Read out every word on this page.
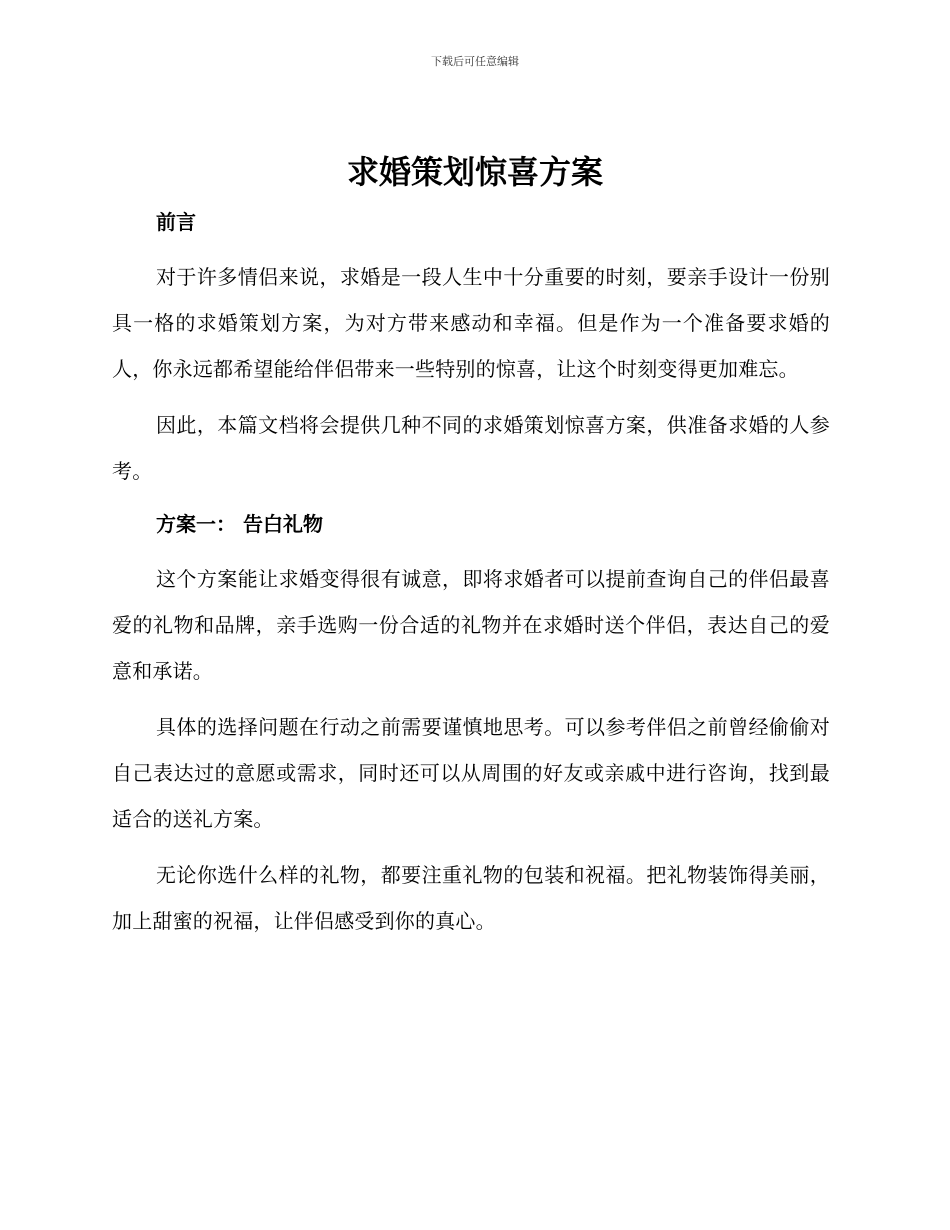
下载后可任意编辑
求婚策划惊喜方案

前言

对于许多情侣来说，求婚是一段人生中十分重要的时刻，要亲手设计一份别具一格的求婚策划方案，为对方带来感动和幸福。但是作为一个准备要求婚的人，你永远都希望能给伴侣带来一些特别的惊喜，让这个时刻变得更加难忘。

因此，本篇文档将会提供几种不同的求婚策划惊喜方案，供准备求婚的人参考。

方案一： 告白礼物

这个方案能让求婚变得很有诚意，即将求婚者可以提前查询自己的伴侣最喜爱的礼物和品牌，亲手选购一份合适的礼物并在求婚时送个伴侣，表达自己的爱意和承诺。

具体的选择问题在行动之前需要谨慎地思考。可以参考伴侣之前曾经偷偷对自己表达过的意愿或需求，同时还可以从周围的好友或亲戚中进行咨询，找到最适合的送礼方案。

无论你选什么样的礼物，都要注重礼物的包装和祝福。把礼物装饰得美丽，加上甜蜜的祝福，让伴侣感受到你的真心。
